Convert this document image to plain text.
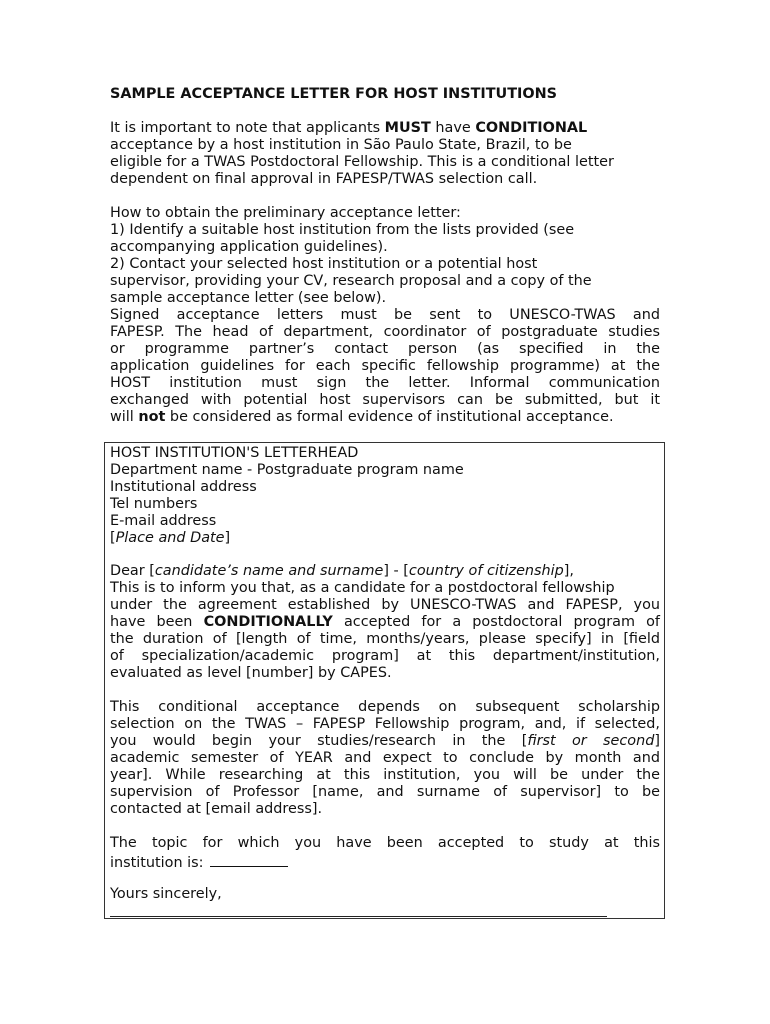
SAMPLE ACCEPTANCE LETTER FOR HOST INSTITUTIONS
It is important to note that applicants MUST have CONDITIONAL
acceptance by a host institution in São Paulo State, Brazil, to be
eligible for a TWAS Postdoctoral Fellowship. This is a conditional letter
dependent on final approval in FAPESP/TWAS selection call.
How to obtain the preliminary acceptance letter:
1) Identify a suitable host institution from the lists provided (see
accompanying application guidelines).
2) Contact your selected host institution or a potential host
supervisor, providing your CV, research proposal and a copy of the
sample acceptance letter (see below).
Signed acceptance letters must be sent to UNESCO-TWAS and
FAPESP. The head of department, coordinator of postgraduate studies
or programme partner’s contact person (as specified in the
application guidelines for each specific fellowship programme) at the
HOST institution must sign the letter. Informal communication
exchanged with potential host supervisors can be submitted, but it
will not be considered as formal evidence of institutional acceptance.
HOST INSTITUTION'S LETTERHEAD
Department name - Postgraduate program name
Institutional address
Tel numbers
E-mail address
[Place and Date]
Dear [candidate’s name and surname] - [country of citizenship],
This is to inform you that, as a candidate for a postdoctoral fellowship
under the agreement established by UNESCO-TWAS and FAPESP, you
have been CONDITIONALLY accepted for a postdoctoral program of
the duration of [length of time, months/years, please specify] in [field
of specialization/academic program] at this department/institution,
evaluated as level [number] by CAPES.
This conditional acceptance depends on subsequent scholarship
selection on the TWAS – FAPESP Fellowship program, and, if selected,
you would begin your studies/research in the [first or second]
academic semester of YEAR and expect to conclude by month and
year]. While researching at this institution, you will be under the
supervision of Professor [name, and surname of supervisor] to be
contacted at [email address].
The topic for which you have been accepted to study at this
institution is:
Yours sincerely,
